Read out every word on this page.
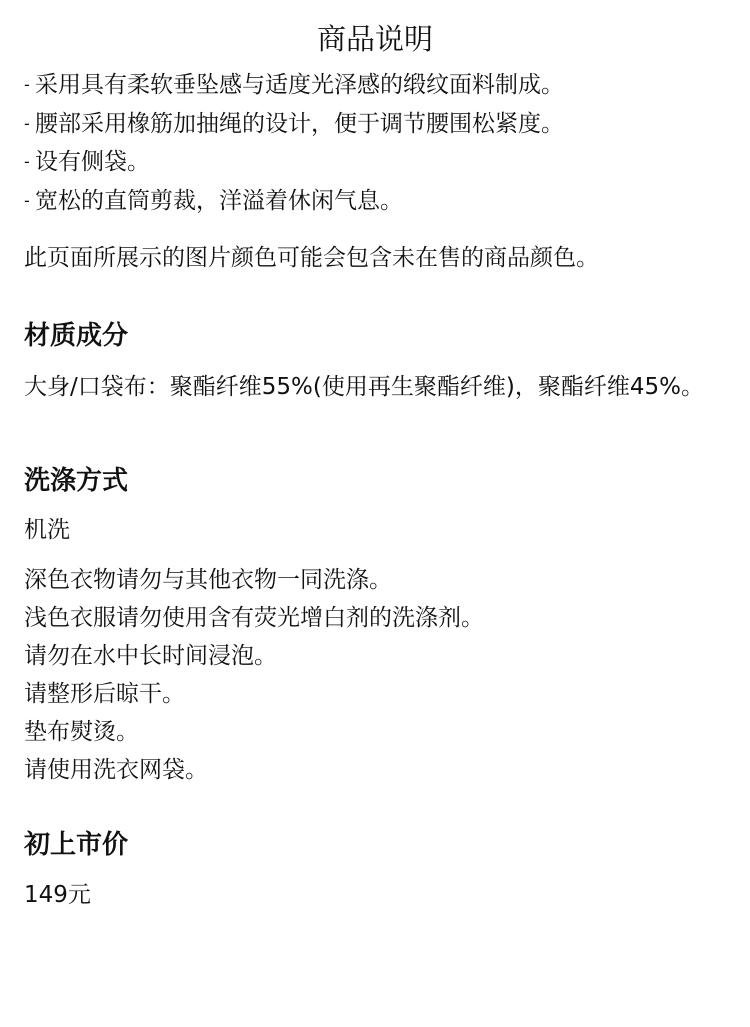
商品说明
- 采用具有柔软垂坠感与适度光泽感的缎纹面料制成。
- 腰部采用橡筋加抽绳的设计，便于调节腰围松紧度。
- 设有侧袋。
- 宽松的直筒剪裁，洋溢着休闲气息。
此页面所展示的图片颜色可能会包含未在售的商品颜色。
材质成分
大身/口袋布：聚酯纤维55%(使用再生聚酯纤维)，聚酯纤维45%。
洗涤方式
机洗
深色衣物请勿与其他衣物一同洗涤。
浅色衣服请勿使用含有荧光增白剂的洗涤剂。
请勿在水中长时间浸泡。
请整形后晾干。
垫布熨烫。
请使用洗衣网袋。
初上市价
149元
